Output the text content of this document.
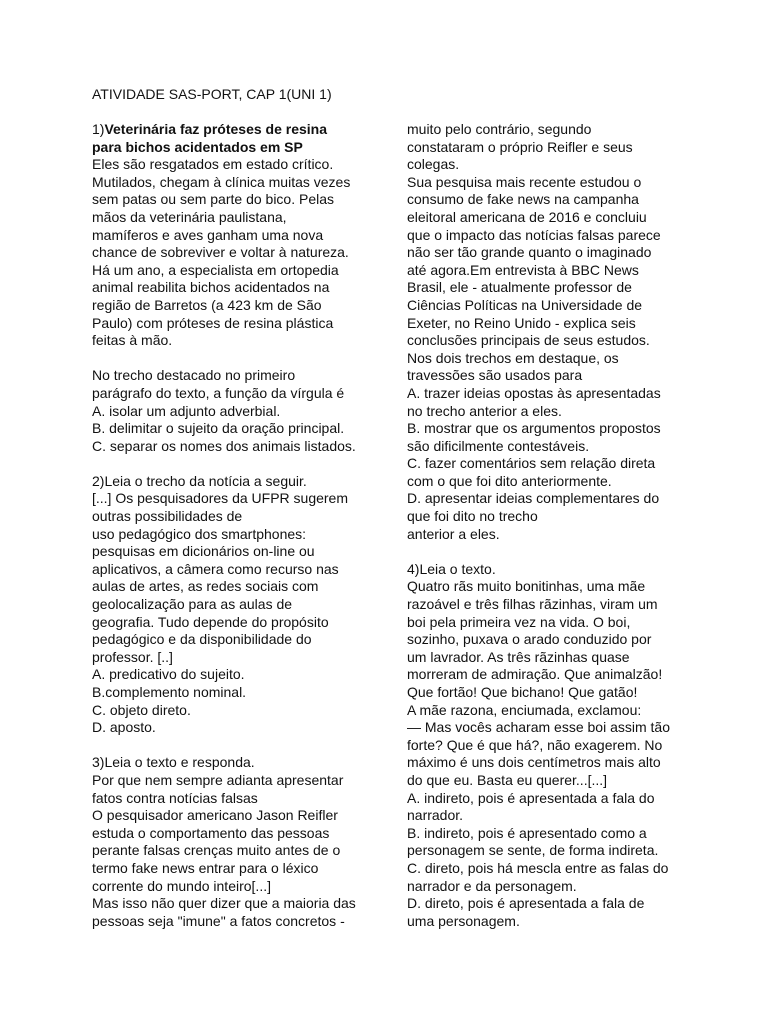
ATIVIDADE SAS-PORT, CAP 1(UNI 1)
1)Veterinária faz próteses de resina
para bichos acidentados em SP
Eles são resgatados em estado crítico.
Mutilados, chegam à clínica muitas vezes
sem patas ou sem parte do bico. Pelas
mãos da veterinária paulistana,
mamíferos e aves ganham uma nova
chance de sobreviver e voltar à natureza.
Há um ano, a especialista em ortopedia
animal reabilita bichos acidentados na
região de Barretos (a 423 km de São
Paulo) com próteses de resina plástica
feitas à mão.
No trecho destacado no primeiro
parágrafo do texto, a função da vírgula é
A. isolar um adjunto adverbial.
B. delimitar o sujeito da oração principal.
C. separar os nomes dos animais listados.
2)Leia o trecho da notícia a seguir.
[...] Os pesquisadores da UFPR sugerem
outras possibilidades de
uso pedagógico dos smartphones:
pesquisas em dicionários on-line ou
aplicativos, a câmera como recurso nas
aulas de artes, as redes sociais com
geolocalização para as aulas de
geografia. Tudo depende do propósito
pedagógico e da disponibilidade do
professor. [..]
A. predicativo do sujeito.
B.complemento nominal.
C. objeto direto.
D. aposto.
3)Leia o texto e responda.
Por que nem sempre adianta apresentar
fatos contra notícias falsas
O pesquisador americano Jason Reifler
estuda o comportamento das pessoas
perante falsas crenças muito antes de o
termo fake news entrar para o léxico
corrente do mundo inteiro[...]
Mas isso não quer dizer que a maioria das
pessoas seja "imune" a fatos concretos -
muito pelo contrário, segundo
constataram o próprio Reifler e seus
colegas.
Sua pesquisa mais recente estudou o
consumo de fake news na campanha
eleitoral americana de 2016 e concluiu
que o impacto das notícias falsas parece
não ser tão grande quanto o imaginado
até agora.Em entrevista à BBC News
Brasil, ele - atualmente professor de
Ciências Políticas na Universidade de
Exeter, no Reino Unido - explica seis
conclusões principais de seus estudos.
Nos dois trechos em destaque, os
travessões são usados para
A. trazer ideias opostas às apresentadas
no trecho anterior a eles.
B. mostrar que os argumentos propostos
são dificilmente contestáveis.
C. fazer comentários sem relação direta
com o que foi dito anteriormente.
D. apresentar ideias complementares do
que foi dito no trecho
anterior a eles.
4)Leia o texto.
Quatro rãs muito bonitinhas, uma mãe
razoável e três filhas rãzinhas, viram um
boi pela primeira vez na vida. O boi,
sozinho, puxava o arado conduzido por
um lavrador. As três rãzinhas quase
morreram de admiração. Que animalzão!
Que fortão! Que bichano! Que gatão!
A mãe razona, enciumada, exclamou:
— Mas vocês acharam esse boi assim tão
forte? Que é que há?, não exagerem. No
máximo é uns dois centímetros mais alto
do que eu. Basta eu querer...[...]
A. indireto, pois é apresentada a fala do
narrador.
B. indireto, pois é apresentado como a
personagem se sente, de forma indireta.
C. direto, pois há mescla entre as falas do
narrador e da personagem.
D. direto, pois é apresentada a fala de
uma personagem.
